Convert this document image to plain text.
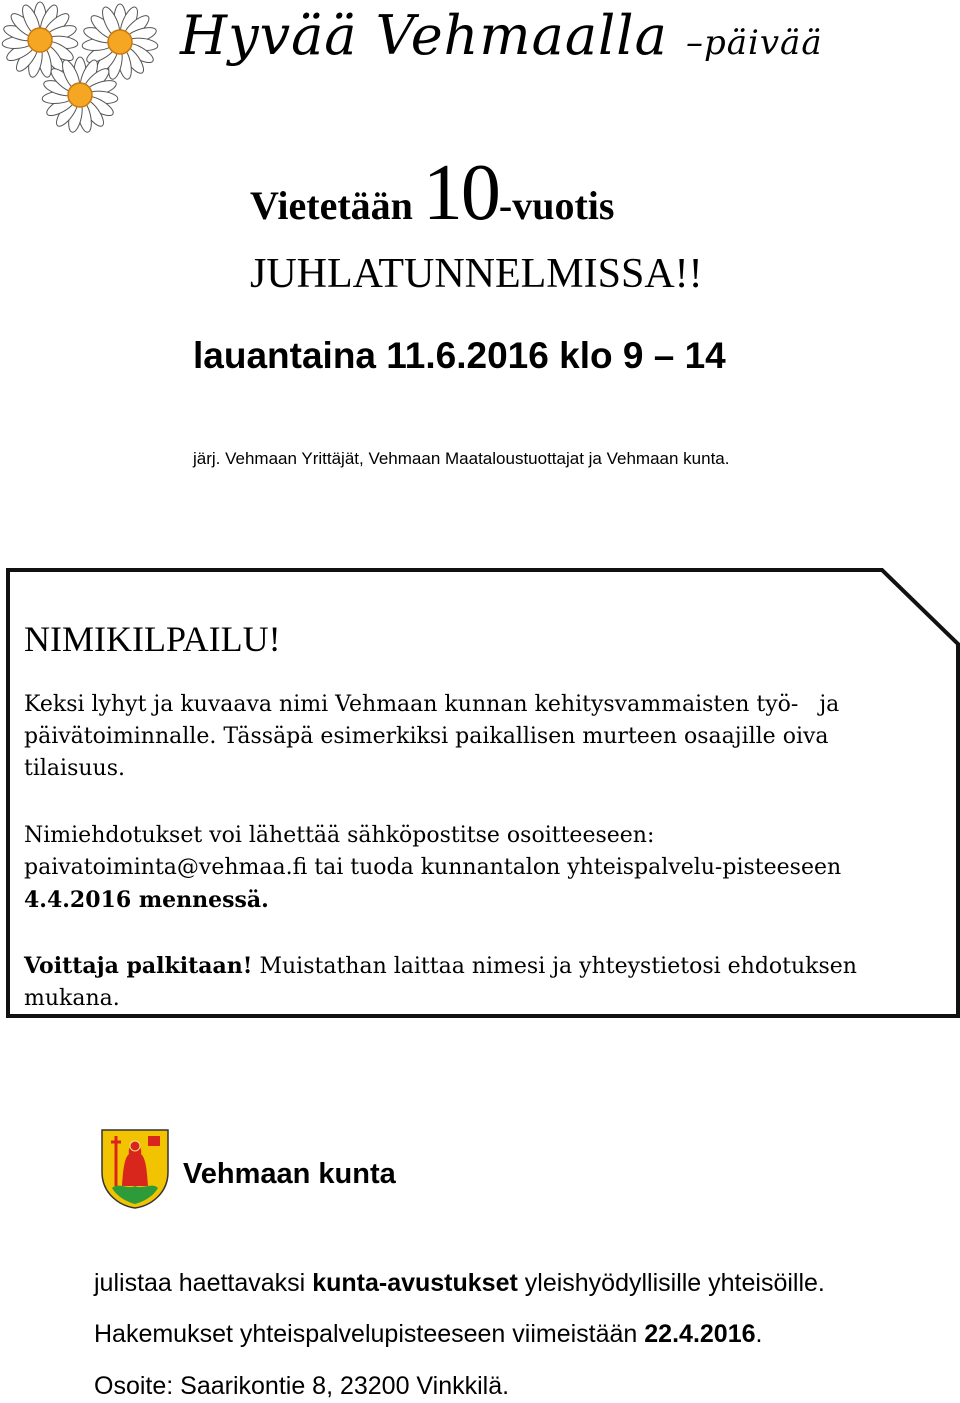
Hyvää Vehmaalla –päivää
Vietetään 10-vuotis
JUHLATUNNELMISSA!!
lauantaina 11.6.2016 klo 9 – 14
järj. Vehmaan Yrittäjät, Vehmaan Maataloustuottajat ja Vehmaan kunta.
NIMIKILPAILU!
Keksi lyhyt ja kuvaava nimi Vehmaan kunnan kehitysvammaisten työ-   ja
päivätoiminnalle. Tässäpä esimerkiksi paikallisen murteen osaajille oiva
tilaisuus.
Nimiehdotukset voi lähettää sähköpostitse osoitteeseen: paivatoiminta@vehmaa.fi tai tuoda kunnantalon yhteispalvelu-pisteeseen
4.4.2016 mennessä.
Voittaja palkitaan! Muistathan laittaa nimesi ja yhteystietosi ehdotuksen mukana.
Vehmaan kunta
julistaa haettavaksi kunta-avustukset yleishyödyllisille yhteisöille.
Hakemukset yhteispalvelupisteeseen viimeistään 22.4.2016.
Osoite: Saarikontie 8, 23200 Vinkkilä.
